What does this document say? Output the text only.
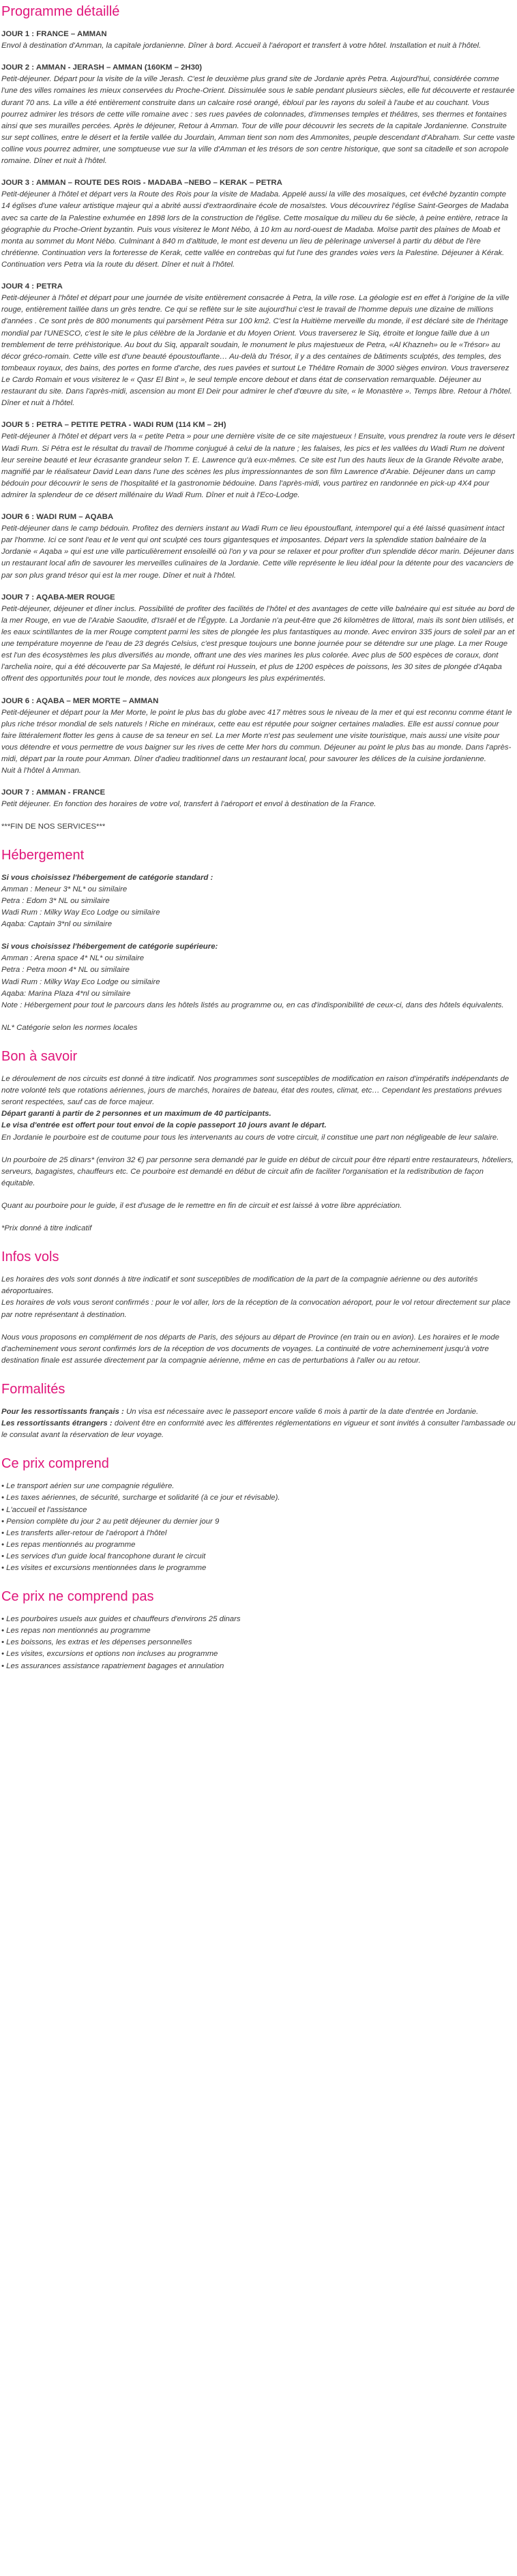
Programme détaillé

JOUR 1 : FRANCE – AMMAN

Envol à destination d'Amman, la capitale jordanienne. Dîner à bord. Accueil à l'aéroport et transfert à votre hôtel. Installation et nuit à l'hôtel.

JOUR 2 : AMMAN - JERASH – AMMAN (160KM – 2H30)

Petit-déjeuner. Départ pour la visite de la ville Jerash. C'est le deuxième plus grand site de Jordanie après Petra. Aujourd'hui, considérée comme l'une des villes romaines les mieux conservées du Proche-Orient. Dissimulée sous le sable pendant plusieurs siècles, elle fut découverte et restaurée durant 70 ans. La ville a été entièrement construite dans un calcaire rosé orangé, éblouï par les rayons du soleil à l'aube et au couchant. Vous pourrez admirer les trésors de cette ville romaine avec : ses rues pavées de colonnades, d'immenses temples et théâtres, ses thermes et fontaines ainsi que ses murailles percées. Après le déjeuner, Retour à Amman. Tour de ville pour découvrir les secrets de la capitale Jordanienne. Construite sur sept collines, entre le désert et la fertile vallée du Jourdain, Amman tient son nom des Ammonites, peuple descendant d'Abraham. Sur cette vaste colline vous pourrez admirer, une somptueuse vue sur la ville d'Amman et les trésors de son centre historique, que sont sa citadelle et son acropole romaine. Dîner et nuit à l'hôtel.

JOUR 3 : AMMAN – ROUTE DES ROIS - MADABA –NEBO – KERAK – PETRA

Petit-déjeuner à l'hôtel et départ vers la Route des Rois pour la visite de Madaba. Appelé aussi la ville des mosaïques, cet évêché byzantin compte 14 églises d'une valeur artistique majeur qui a abrité aussi d'extraordinaire école de mosaïstes. Vous découvrirez l'église Saint-Georges de Madaba avec sa carte de la Palestine exhumée en 1898 lors de la construction de l'église. Cette mosaïque du milieu du 6e siècle, à peine entière, retrace la géographie du Proche-Orient byzantin. Puis vous visiterez le Mont Nébo, à 10 km au nord-ouest de Madaba. Moïse partit des plaines de Moab et monta au sommet du Mont Nébo. Culminant à 840 m d'altitude, le mont est devenu un lieu de pèlerinage universel à partir du début de l'ère chrétienne. Continuation vers la forteresse de Kerak, cette vallée en contrebas qui fut l'une des grandes voies vers la Palestine. Déjeuner à Kérak. Continuation vers Petra via la route du désert. Dîner et nuit à l'hôtel.

JOUR 4 : PETRA

Petit-déjeuner à l'hôtel et départ pour une journée de visite entièrement consacrée à Petra, la ville rose. La géologie est en effet à l'origine de la ville rouge, entièrement taillée dans un grès tendre. Ce qui se reflète sur le site aujourd'hui c'est le travail de l'homme depuis une dizaine de millions d'années . Ce sont près de 800 monuments qui parsèment Pétra sur 100 km2. C'est la Huitième merveille du monde, il est déclaré site de l'héritage mondial par l'UNESCO, c'est le site le plus célèbre de la Jordanie et du Moyen Orient. Vous traverserez le Siq, étroite et longue faille due à un tremblement de terre préhistorique. Au bout du Siq, apparaît soudain, le monument le plus majestueux de Petra, «Al Khazneh» ou le «Trésor» au décor gréco-romain. Cette ville est d'une beauté époustouflante… Au-delà du Trésor, il y a des centaines de bâtiments sculptés, des temples, des tombeaux royaux, des bains, des portes en forme d'arche, des rues pavées et surtout Le Théâtre Romain de 3000 sièges environ. Vous traverserez Le Cardo Romain et vous visiterez le « Qasr El Bint », le seul temple encore debout et dans état de conservation remarquable. Déjeuner au restaurant du site. Dans l'après-midi, ascension au mont El Deir pour admirer le chef d'œuvre du site, « le Monastère ». Temps libre. Retour à l'hôtel. Dîner et nuit à l'hôtel.

JOUR 5 : PETRA – PETITE PETRA - WADI RUM (114 KM – 2H)

Petit-déjeuner à l'hôtel et départ vers la « petite Petra » pour une dernière visite de ce site majestueux ! Ensuite, vous prendrez la route vers le désert Wadi Rum. Si Pétra est le résultat du travail de l'homme conjugué à celui de la nature ; les falaises, les pics et les vallées du Wadi Rum ne doivent leur sereine beauté et leur écrasante grandeur selon T. E. Lawrence qu'à eux-mêmes. Ce site est l'un des hauts lieux de la Grande Révolte arabe, magnifié par le réalisateur David Lean dans l'une des scènes les plus impressionnantes de son film Lawrence d'Arabie. Déjeuner dans un camp bédouin pour découvrir le sens de l'hospitalité et la gastronomie bédouine. Dans l'après-midi, vous partirez en randonnée en pick-up 4X4 pour admirer la splendeur de ce désert millénaire du Wadi Rum. Dîner et nuit à l'Eco-Lodge.

JOUR 6 : WADI RUM – AQABA

Petit-déjeuner dans le camp bédouin. Profitez des derniers instant au Wadi Rum ce lieu époustouflant, intemporel qui a été laissé quasiment intact par l'homme. Ici ce sont l'eau et le vent qui ont sculpté ces tours gigantesques et imposantes. Départ vers la splendide station balnéaire de la Jordanie « Aqaba » qui est une ville particulièrement ensoleillé où l'on y va pour se relaxer et pour profiter d'un splendide décor marin. Déjeuner dans un restaurant local afin de savourer les merveilles culinaires de la Jordanie. Cette ville représente le lieu idéal pour la détente pour des vacanciers de par son plus grand trésor qui est la mer rouge. Dîner et nuit à l'hôtel.

JOUR 7 : AQABA-MER ROUGE

Petit-déjeuner, déjeuner et dîner inclus. Possibilité de profiter des facilités de l'hôtel et des avantages de cette ville balnéaire qui est située au bord de la mer Rouge, en vue de l'Arabie Saoudite, d'Israël et de l'Égypte. La Jordanie n'a peut-être que 26 kilomètres de littoral, mais ils sont bien utilisés, et les eaux scintillantes de la mer Rouge comptent parmi les sites de plongée les plus fantastiques au monde. Avec environ 335 jours de soleil par an et une température moyenne de l'eau de 23 degrés Celsius, c'est presque toujours une bonne journée pour se détendre sur une plage. La mer Rouge est l'un des écosystèmes les plus diversifiés au monde, offrant une des vies marines les plus colorée. Avec plus de 500 espèces de coraux, dont l'archelia noire, qui a été découverte par Sa Majesté, le défunt roi Hussein, et plus de 1200 espèces de poissons, les 30 sites de plongée d'Aqaba offrent des opportunités pour tout le monde, des novices aux plongeurs les plus expérimentés.

JOUR 6 : AQABA – MER MORTE – AMMAN

Petit-déjeuner et départ pour la Mer Morte, le point le plus bas du globe avec 417 mètres sous le niveau de la mer et qui est reconnu comme étant le plus riche trésor mondial de sels naturels ! Riche en minéraux, cette eau est réputée pour soigner certaines maladies. Elle est aussi connue pour faire littéralement flotter les gens à cause de sa teneur en sel. La mer Morte n'est pas seulement une visite touristique, mais aussi une visite pour vous détendre et vous permettre de vous baigner sur les rives de cette Mer hors du commun. Déjeuner au point le plus bas au monde. Dans l'après-midi, départ par la route pour Amman. Dîner d'adieu traditionnel dans un restaurant local, pour savourer les délices de la cuisine jordanienne.
Nuit à l'hôtel à Amman.

JOUR 7 : AMMAN - FRANCE

Petit déjeuner. En fonction des horaires de votre vol, transfert à l'aéroport et envol à destination de la France.

***FIN DE NOS SERVICES***

Hébergement

Si vous choisissez l'hébergement de catégorie standard :

Amman : Meneur 3* NL* ou similaire
Petra : Edom 3* NL ou similaire
Wadi Rum : Milky Way Eco Lodge ou similaire
Aqaba: Captain 3*nl ou similaire

Si vous choisissez l'hébergement de catégorie supérieure:

Amman : Arena space 4* NL* ou similaire
Petra : Petra moon 4* NL ou similaire
Wadi Rum : Milky Way Eco Lodge ou similaire
Aqaba: Marina Plaza 4*nl ou similaire
Note : Hébergement pour tout le parcours dans les hôtels listés au programme ou, en cas d'indisponibilité de ceux-ci, dans des hôtels équivalents.

NL* Catégorie selon les normes locales

Bon à savoir

Le déroulement de nos circuits est donné à titre indicatif. Nos programmes sont susceptibles de modification en raison d'impératifs indépendants de notre volonté tels que rotations aériennes, jours de marchés, horaires de bateau, état des routes, climat, etc… Cependant les prestations prévues seront respectées, sauf cas de force majeur.

Départ garanti à partir de 2 personnes et un maximum de 40 participants.

Le visa d'entrée est offert pour tout envoi de la copie passeport 10 jours avant le départ.

En Jordanie le pourboire est de coutume pour tous les intervenants au cours de votre circuit, il constitue une part non négligeable de leur salaire.

Un pourboire de 25 dinars* (environ 32 €) par personne sera demandé par le guide en début de circuit pour être réparti entre restaurateurs, hôteliers, serveurs, bagagistes, chauffeurs etc. Ce pourboire est demandé en début de circuit afin de faciliter l'organisation et la redistribution de façon équitable.

Quant au pourboire pour le guide, il est d'usage de le remettre en fin de circuit et est laissé à votre libre appréciation.

*Prix donné à titre indicatif

Infos vols

Les horaires des vols sont donnés à titre indicatif et sont susceptibles de modification de la part de la compagnie aérienne ou des autorités aéroportuaires.

Les horaires de vols vous seront confirmés : pour le vol aller, lors de la réception de la convocation aéroport, pour le vol retour directement sur place par notre représentant à destination.

Nous vous proposons en complément de nos départs de Paris, des séjours au départ de Province (en train ou en avion). Les horaires et le mode d'acheminement vous seront confirmés lors de la réception de vos documents de voyages. La continuité de votre acheminement jusqu'à votre destination finale est assurée directement par la compagnie aérienne, même en cas de perturbations à l'aller ou au retour.

Formalités

Pour les ressortissants français : Un visa est nécessaire avec le passeport encore valide 6 mois à partir de la date d'entrée en Jordanie.

Les ressortissants étrangers : doivent être en conformité avec les différentes réglementations en vigueur et sont invités à consulter l'ambassade ou le consulat avant la réservation de leur voyage.

Ce prix comprend
• Le transport aérien sur une compagnie régulière.
• Les taxes aériennes, de sécurité, surcharge et solidarité (à ce jour et révisable).
• L'accueil et l'assistance
• Pension complète du jour 2 au petit déjeuner du dernier jour 9
• Les transferts aller-retour de l'aéroport à l'hôtel
• Les repas mentionnés au programme
• Les services d'un guide local francophone durant le circuit
• Les visites et excursions mentionnées dans le programme
Ce prix ne comprend pas
• Les pourboires usuels aux guides et chauffeurs d'environs 25 dinars
• Les repas non mentionnés au programme
• Les boissons, les extras et les dépenses personnelles
• Les visites, excursions et options non incluses au programme
• Les assurances assistance rapatriement bagages et annulation
